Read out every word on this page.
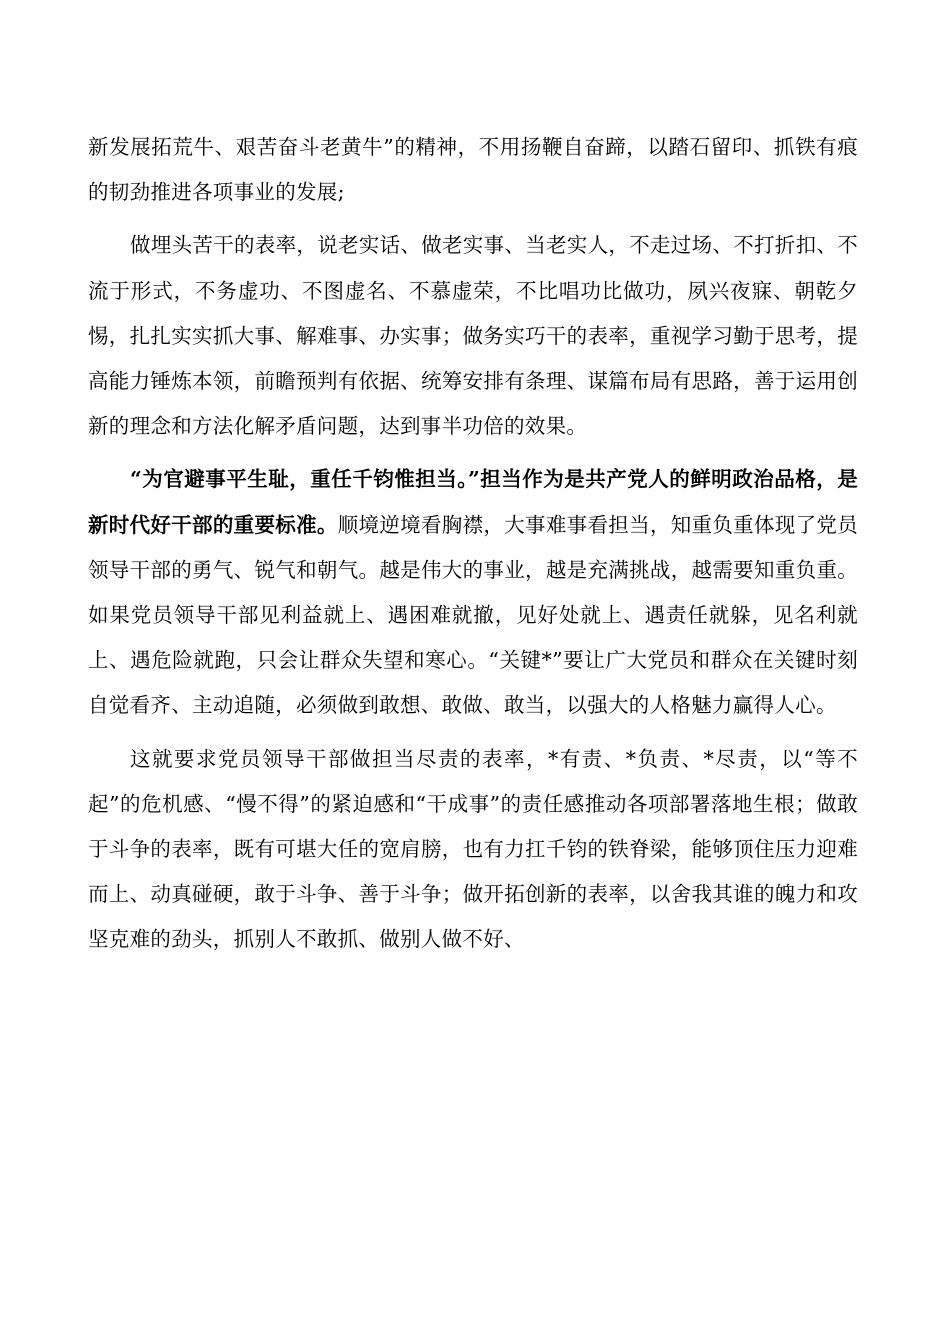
新发展拓荒牛、艰苦奋斗老黄牛”的精神，不用扬鞭自奋蹄，以踏石留印、抓铁有痕的韧劲推进各项事业的发展;

做埋头苦干的表率，说老实话、做老实事、当老实人，不走过场、不打折扣、不流于形式，不务虚功、不图虚名、不慕虚荣，不比唱功比做功，夙兴夜寐、朝乾夕惕，扎扎实实抓大事、解难事、办实事；做务实巧干的表率，重视学习勤于思考，提高能力锤炼本领，前瞻预判有依据、统筹安排有条理、谋篇布局有思路，善于运用创新的理念和方法化解矛盾问题，达到事半功倍的效果。

“为官避事平生耻，重任千钧惟担当。”担当作为是共产党人的鲜明政治品格，是新时代好干部的重要标准。顺境逆境看胸襟，大事难事看担当，知重负重体现了党员领导干部的勇气、锐气和朝气。越是伟大的事业，越是充满挑战，越需要知重负重。如果党员领导干部见利益就上、遇困难就撤，见好处就上、遇责任就躲，见名利就上、遇危险就跑，只会让群众失望和寒心。“关键*”要让广大党员和群众在关键时刻自觉看齐、主动追随，必须做到敢想、敢做、敢当，以强大的人格魅力赢得人心。

这就要求党员领导干部做担当尽责的表率，*有责、*负责、*尽责，以“等不起”的危机感、“慢不得”的紧迫感和“干成事”的责任感推动各项部署落地生根；做敢于斗争的表率，既有可堪大任的宽肩膀，也有力扛千钧的铁脊梁，能够顶住压力迎难而上、动真碰硬，敢于斗争、善于斗争；做开拓创新的表率，以舍我其谁的魄力和攻坚克难的劲头，抓别人不敢抓、做别人做不好、
